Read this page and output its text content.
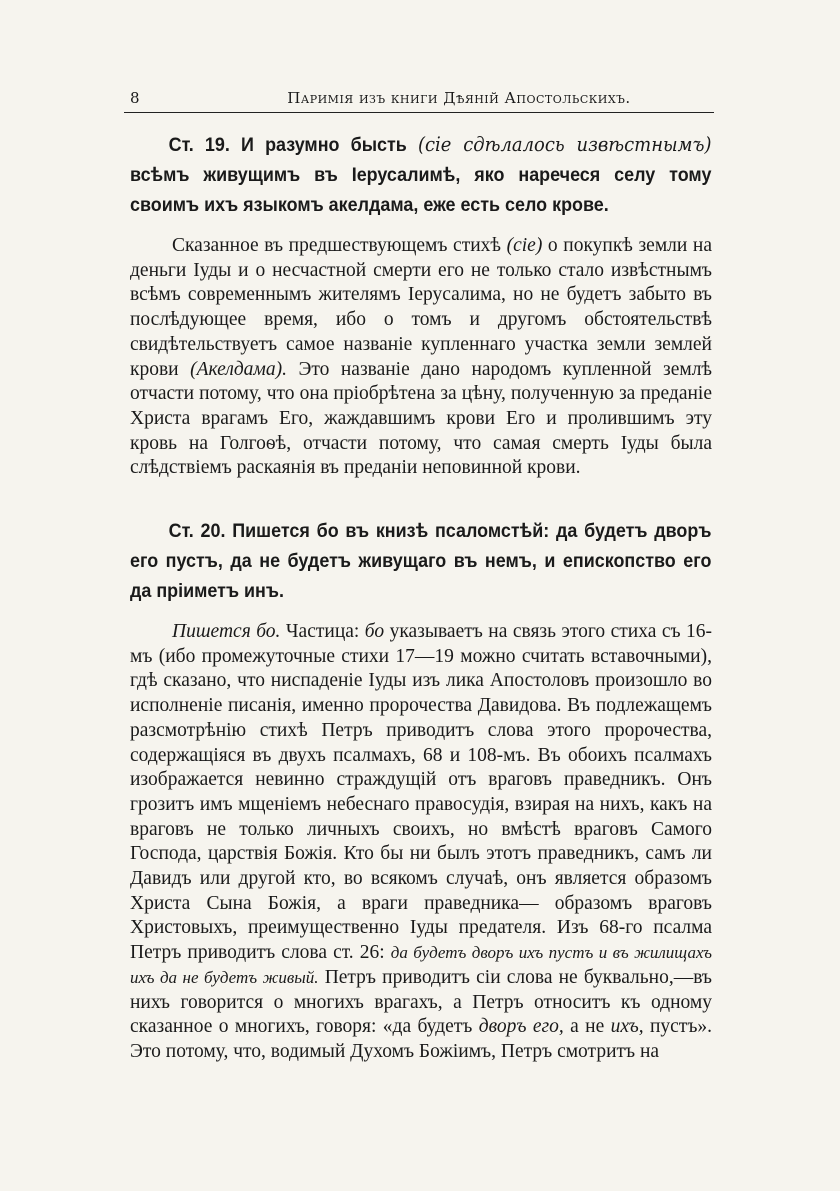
8	Паримія изъ книги Дѣяній Апостольскихъ.
Ст. 19. И разумно бысть (сіе сдѣлалось извѣстнымъ) всѣмъ живущимъ въ Іерусалимѣ, яко наречеся селу тому своимъ ихъ языкомъ акелдама, еже есть село крове.
Сказанное въ предшествующемъ стихѣ (сіе) о покупкѣ земли на деньги Іуды и о несчастной смерти его не только стало извѣстнымъ всѣмъ современнымъ жителямъ Іерусалима, но не будетъ забыто въ послѣдующее время, ибо о томъ и другомъ обстоятельствѣ свидѣтельствуетъ самое названіе купленнаго участка земли землей крови (Акелдама). Это названіе дано народомъ купленной землѣ отчасти потому, что она пріобрѣтена за цѣну, полученную за преданіе Христа врагамъ Его, жаждавшимъ крови Его и пролившимъ эту кровь на Голгоѳѣ, отчасти потому, что самая смерть Іуды была слѣдствіемъ раскаянія въ преданіи неповинной крови.
Ст. 20. Пишется бо въ книзѣ псаломстѣй: да будетъ дворъ его пустъ, да не будетъ живущаго въ немъ, и епископство его да пріиметъ инъ.
Пишется бо. Частица: бо указываетъ на связь этого стиха съ 16-мъ (ибо промежуточные стихи 17—19 можно считать вставочными), гдѣ сказано, что ниспаденіе Іуды изъ лика Апостоловъ произошло во исполненіе писанія, именно пророчества Давидова. Въ подлежащемъ разсмотрѣнію стихѣ Петръ приводитъ слова этого пророчества, содержащіяся въ двухъ псалмахъ, 68 и 108-мъ. Въ обоихъ псалмахъ изображается невинно страждущій отъ враговъ праведникъ. Онъ грозитъ имъ мщеніемъ небеснаго правосудія, взирая на нихъ, какъ на враговъ не только личныхъ своихъ, но вмѣстѣ враговъ Самого Господа, царствія Божія. Кто бы ни былъ этотъ праведникъ, самъ ли Давидъ или другой кто, во всякомъ случаѣ, онъ является образомъ Христа Сына Божія, а враги праведника— образомъ враговъ Христовыхъ, преимущественно Іуды предателя. Изъ 68-го псалма Петръ приводитъ слова ст. 26: да будетъ дворъ ихъ пустъ и въ жилищахъ ихъ да не будетъ живый. Петръ приводитъ сіи слова не буквально,—въ нихъ говорится о многихъ врагахъ, а Петръ относитъ къ одному сказанное о многихъ, говоря: «да будетъ дворъ его, а не ихъ, пустъ». Это потому, что, водимый Духомъ Божіимъ, Петръ смотритъ на
